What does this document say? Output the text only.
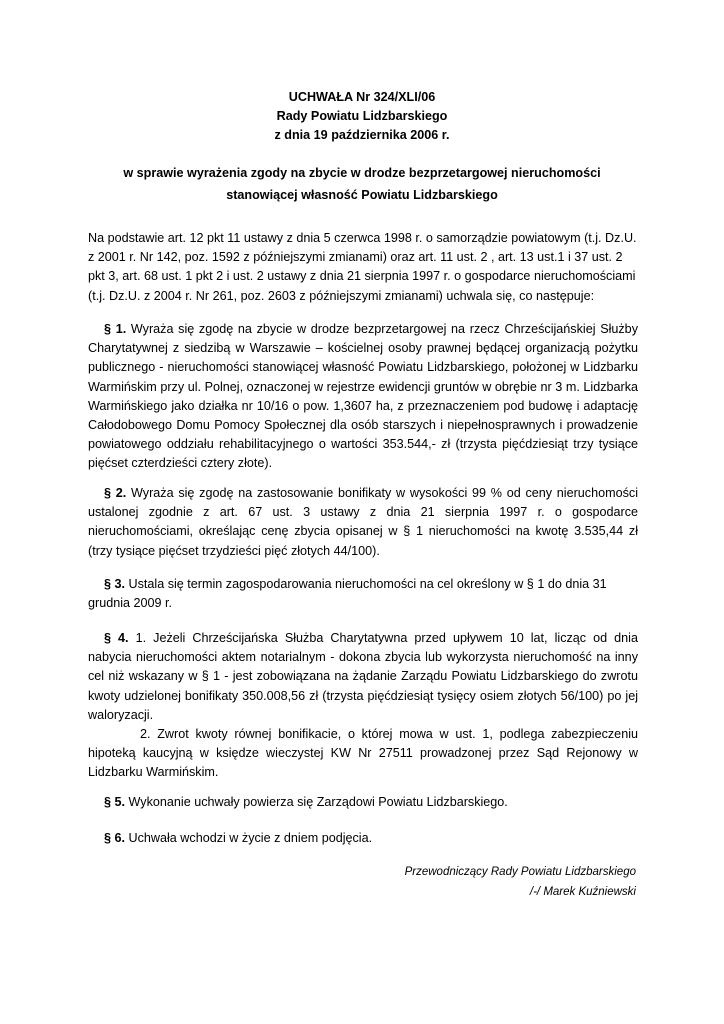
UCHWAŁA Nr 324/XLI/06
Rady Powiatu Lidzbarskiego
z dnia 19 października 2006 r.
w sprawie wyrażenia zgody na zbycie w drodze bezprzetargowej nieruchomości
stanowiącej własność Powiatu Lidzbarskiego

Na podstawie art. 12 pkt 11 ustawy z dnia 5 czerwca 1998 r. o samorządzie powiatowym (t.j. Dz.U. z 2001 r. Nr 142, poz. 1592 z późniejszymi zmianami) oraz art. 11 ust. 2 , art. 13 ust.1 i 37 ust. 2 pkt 3, art. 68 ust. 1 pkt 2 i ust. 2 ustawy z dnia 21 sierpnia 1997 r. o gospodarce nieruchomościami (t.j. Dz.U. z 2004 r. Nr 261, poz. 2603 z późniejszymi zmianami) uchwala się, co następuje:

§ 1. Wyraża się zgodę na zbycie w drodze bezprzetargowej na rzecz Chrześcijańskiej Służby Charytatywnej z siedzibą w Warszawie – kościelnej osoby prawnej będącej organizacją pożytku publicznego - nieruchomości stanowiącej własność Powiatu Lidzbarskiego, położonej w Lidzbarku Warmińskim przy ul. Polnej, oznaczonej w rejestrze ewidencji gruntów w obrębie nr 3 m. Lidzbarka Warmińskiego jako działka nr 10/16 o pow. 1,3607 ha, z przeznaczeniem pod budowę i adaptację Całodobowego Domu Pomocy Społecznej dla osób starszych i niepełnosprawnych i prowadzenie powiatowego oddziału rehabilitacyjnego o wartości 353.544,- zł (trzysta pięćdziesiąt trzy tysiące pięćset czterdzieści cztery złote).

§ 2. Wyraża się zgodę na zastosowanie bonifikaty w wysokości 99 % od ceny nieruchomości ustalonej zgodnie z art. 67 ust. 3 ustawy z dnia 21 sierpnia 1997 r. o gospodarce nieruchomościami, określając cenę zbycia opisanej w § 1 nieruchomości na kwotę 3.535,44 zł (trzy tysiące pięćset trzydzieści pięć złotych 44/100).

§ 3. Ustala się termin zagospodarowania nieruchomości na cel określony w § 1 do dnia 31 grudnia 2009 r.

§ 4. 1. Jeżeli Chrześcijańska Służba Charytatywna przed upływem 10 lat, licząc od dnia nabycia nieruchomości aktem notarialnym - dokona zbycia lub wykorzysta nieruchomość na inny cel niż wskazany w § 1 - jest zobowiązana na żądanie Zarządu Powiatu Lidzbarskiego do zwrotu kwoty udzielonej bonifikaty 350.008,56 zł (trzysta pięćdziesiąt tysięcy osiem złotych 56/100) po jej waloryzacji.
2. Zwrot kwoty równej bonifikacie, o której mowa w ust. 1, podlega zabezpieczeniu hipoteką kaucyjną w księdze wieczystej KW Nr 27511 prowadzonej przez Sąd Rejonowy w Lidzbarku Warmińskim.

§ 5. Wykonanie uchwały powierza się Zarządowi Powiatu Lidzbarskiego.

§ 6. Uchwała wchodzi w życie z dniem podjęcia.

Przewodniczący Rady Powiatu Lidzbarskiego
/-/ Marek Kuźniewski
